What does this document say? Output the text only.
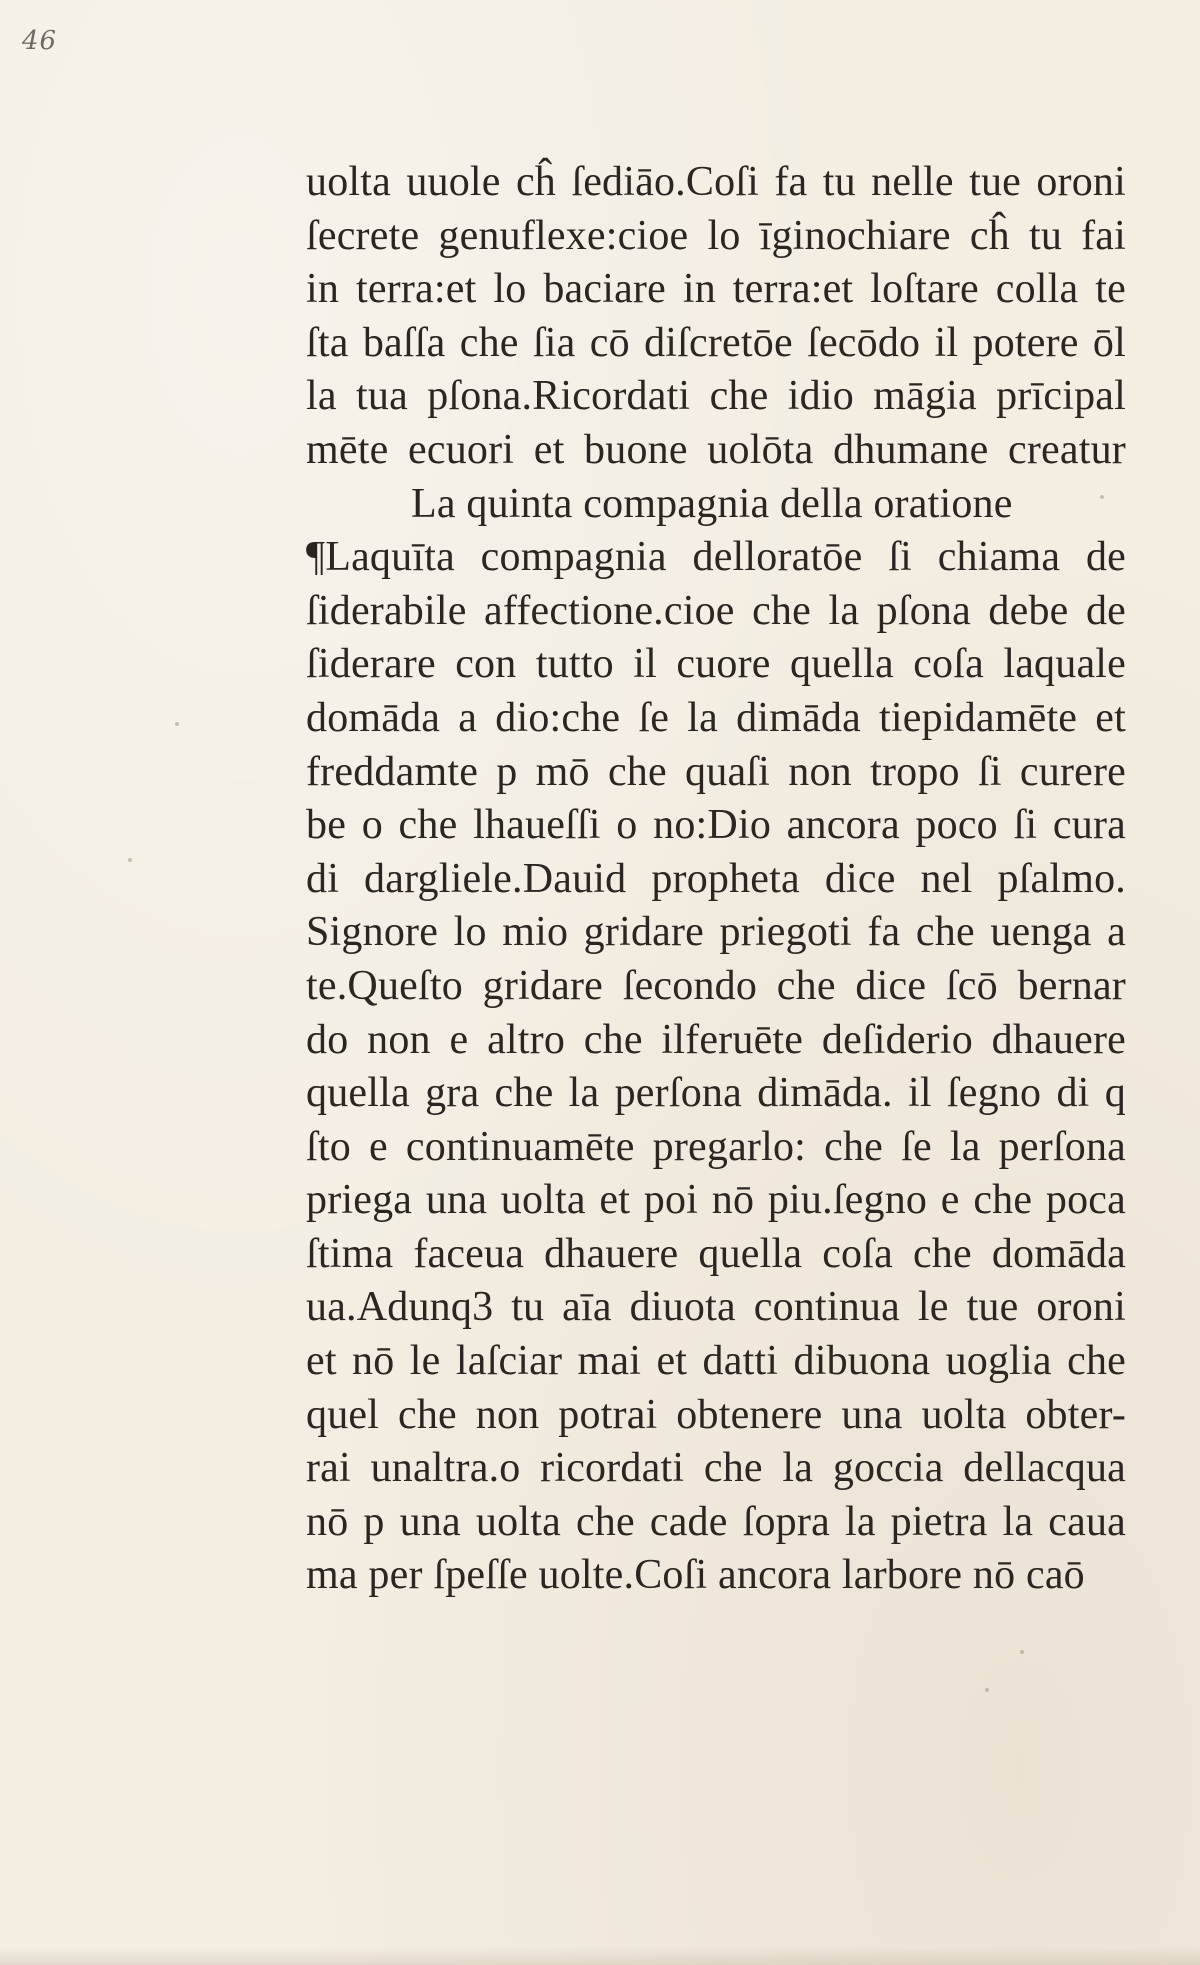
46
uolta uuole cĥ ſediāo.Coſi fa tu nelle tue oroni
ſecrete genuflexe:cioe lo īginochiare cĥ tu fai
in terra:et lo baciare in terra:et loſtare colla te
ſta baſſa che ſia cō diſcretōe ſecōdo il potere ōl
la tua pſona.Ricordati che idio māgia prīcipal
mēte ecuori et buone uolōta dhumane creatur
La quinta compagnia della oratione
¶Laquīta compagnia delloratōe ſi chiama de
ſiderabile affectione.cioe che la pſona debe de
ſiderare con tutto il cuore quella coſa laquale
domāda a dio:che ſe la dimāda tiepidamēte et
freddamte p mō che quaſi non tropo ſi curere
be o che lhaueſſi o no:Dio ancora poco ſi cura
di dargliele.Dauid propheta dice nel pſalmo.
Signore lo mio gridare priegoti fa che uenga a
te.Queſto gridare ſecondo che dice ſcō bernar
do non e altro che ilferuēte deſiderio dhauere
quella gra che la perſona dimāda. il ſegno di q
ſto e continuamēte pregarlo: che ſe la perſona
priega una uolta et poi nō piu.ſegno e che poca
ſtima faceua dhauere quella coſa che domāda
ua.Adunq3 tu aīa diuota continua le tue oroni
et nō le laſciar mai et datti dibuona uoglia che
quel che non potrai obtenere una uolta obter-
rai unaltra.o ricordati che la goccia dellacqua
nō p una uolta che cade ſopra la pietra la caua
ma per ſpeſſe uolte.Coſi ancora larbore nō caō
